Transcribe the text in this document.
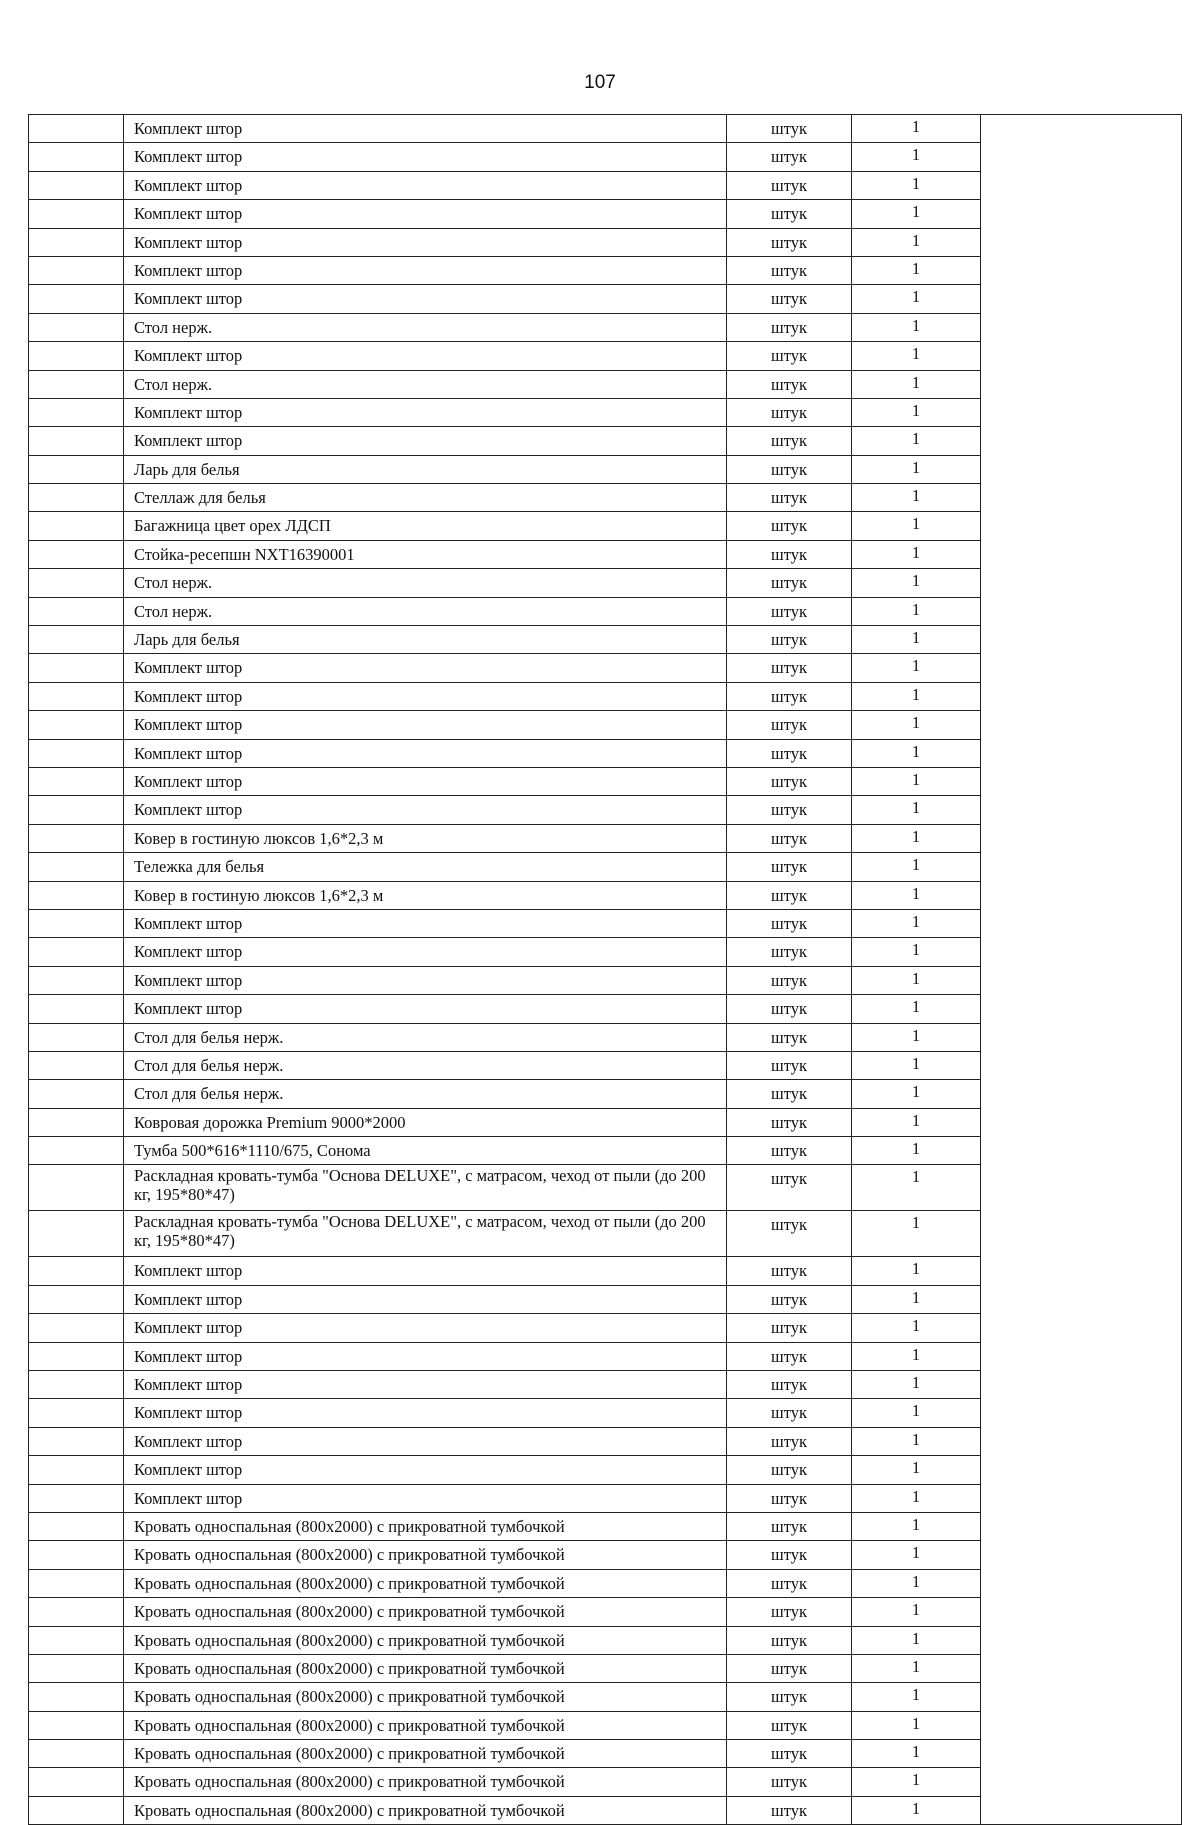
107
	Комплект штор	штук	1	
	Комплект штор	штук	1	
	Комплект штор	штук	1	
	Комплект штор	штук	1	
	Комплект штор	штук	1	
	Комплект штор	штук	1	
	Комплект штор	штук	1	
	Стол нерж.	штук	1	
	Комплект штор	штук	1	
	Стол нерж.	штук	1	
	Комплект штор	штук	1	
	Комплект штор	штук	1	
	Ларь для белья	штук	1	
	Стеллаж для белья	штук	1	
	Багажница цвет орех ЛДСП	штук	1	
	Стойка-ресепшн NXT16390001	штук	1	
	Стол нерж.	штук	1	
	Стол нерж.	штук	1	
	Ларь для белья	штук	1	
	Комплект штор	штук	1	
	Комплект штор	штук	1	
	Комплект штор	штук	1	
	Комплект штор	штук	1	
	Комплект штор	штук	1	
	Комплект штор	штук	1	
	Ковер в гостиную люксов 1,6*2,3 м	штук	1	
	Тележка для белья	штук	1	
	Ковер в гостиную люксов 1,6*2,3 м	штук	1	
	Комплект штор	штук	1	
	Комплект штор	штук	1	
	Комплект штор	штук	1	
	Комплект штор	штук	1	
	Стол для белья нерж.	штук	1	
	Стол для белья нерж.	штук	1	
	Стол для белья нерж.	штук	1	
	Ковровая дорожка Premium 9000*2000	штук	1	
	Тумба 500*616*1110/675, Сонома	штук	1	
	Раскладная кровать-тумба "Основа DELUXE", с матрасом, чеход от пыли (до 200 кг, 195*80*47)	штук	1	
	Раскладная кровать-тумба "Основа DELUXE", с матрасом, чеход от пыли (до 200 кг, 195*80*47)	штук	1	
	Комплект штор	штук	1	
	Комплект штор	штук	1	
	Комплект штор	штук	1	
	Комплект штор	штук	1	
	Комплект штор	штук	1	
	Комплект штор	штук	1	
	Комплект штор	штук	1	
	Комплект штор	штук	1	
	Комплект штор	штук	1	
	Кровать односпальная (800х2000) с прикроватной тумбочкой	штук	1	
	Кровать односпальная (800х2000) с прикроватной тумбочкой	штук	1	
	Кровать односпальная (800х2000) с прикроватной тумбочкой	штук	1	
	Кровать односпальная (800х2000) с прикроватной тумбочкой	штук	1	
	Кровать односпальная (800х2000) с прикроватной тумбочкой	штук	1	
	Кровать односпальная (800х2000) с прикроватной тумбочкой	штук	1	
	Кровать односпальная (800х2000) с прикроватной тумбочкой	штук	1	
	Кровать односпальная (800х2000) с прикроватной тумбочкой	штук	1	
	Кровать односпальная (800х2000) с прикроватной тумбочкой	штук	1	
	Кровать односпальная (800х2000) с прикроватной тумбочкой	штук	1	
	Кровать односпальная (800х2000) с прикроватной тумбочкой	штук	1	
